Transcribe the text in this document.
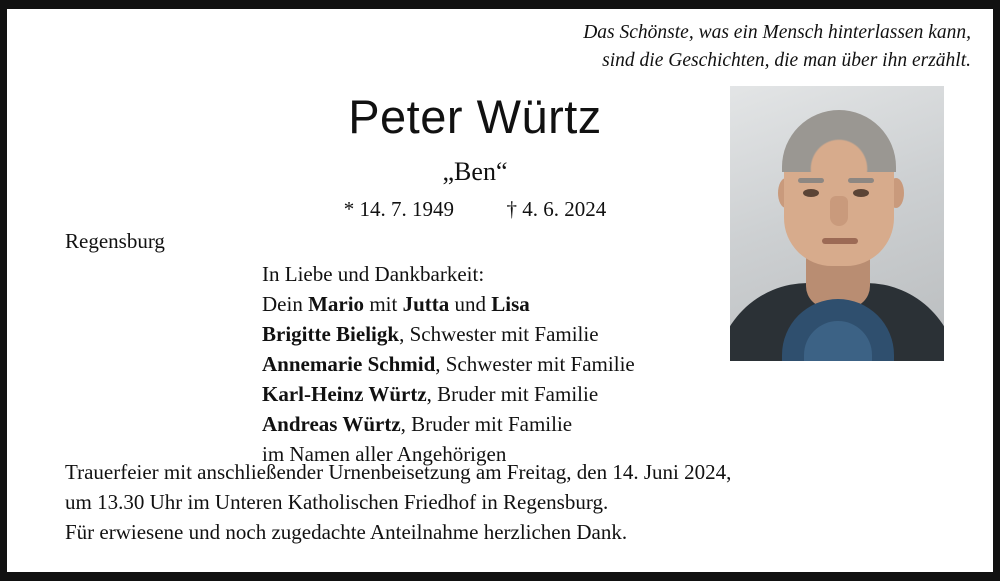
Das Schönste, was ein Mensch hinterlassen kann,
sind die Geschichten, die man über ihn erzählt.
Peter Würtz
„Ben“
* 14. 7. 1949	† 4. 6. 2024
Regensburg
In Liebe und Dankbarkeit:
Dein Mario mit Jutta und Lisa
Brigitte Bieligk, Schwester mit Familie
Annemarie Schmid, Schwester mit Familie
Karl-Heinz Würtz, Bruder mit Familie
Andreas Würtz, Bruder mit Familie
im Namen aller Angehörigen
Trauerfeier mit anschließender Urnenbeisetzung am Freitag, den 14. Juni 2024,
um 13.30 Uhr im Unteren Katholischen Friedhof in Regensburg.
Für erwiesene und noch zugedachte Anteilnahme herzlichen Dank.
